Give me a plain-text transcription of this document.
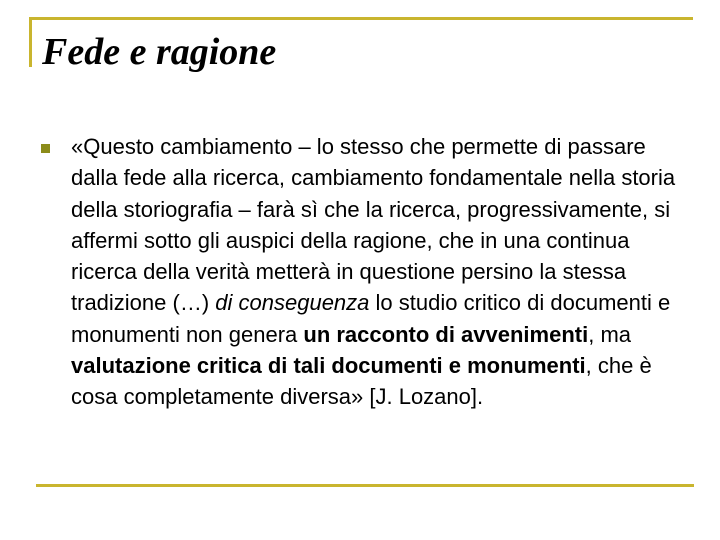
Fede e ragione

«Questo cambiamento – lo stesso che permette di passare dalla fede alla ricerca, cambiamento fondamentale nella storia della storiografia – farà sì che la ricerca, progressivamente, si affermi sotto gli auspici della ragione, che in una continua ricerca della verità metterà in questione persino la stessa tradizione (…) di conseguenza lo studio critico di documenti e monumenti non genera un racconto di avvenimenti, ma valutazione critica di tali documenti e monumenti, che è cosa completamente diversa» [J. Lozano].
